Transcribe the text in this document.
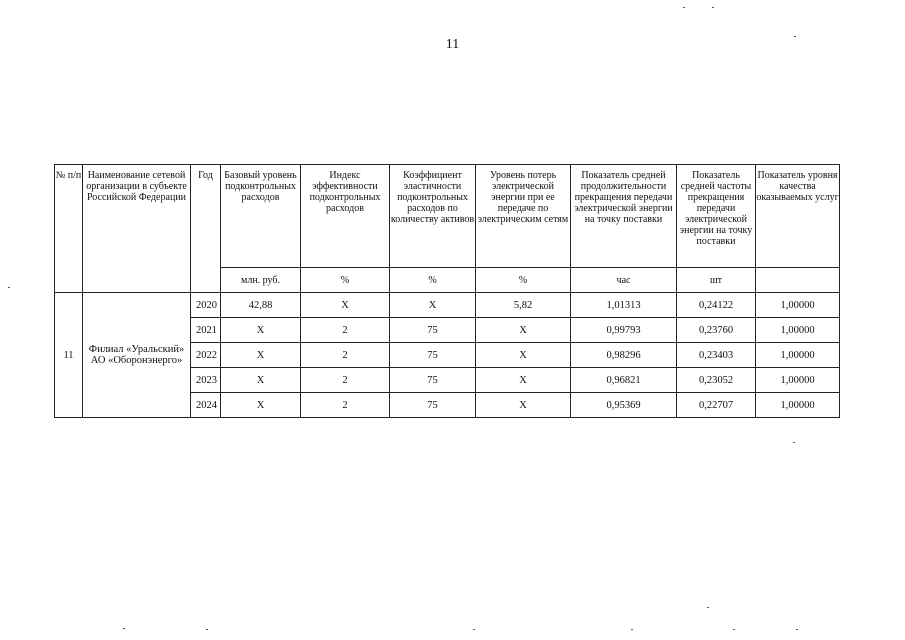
11
№ п/п	Наименование сетевой организации в субъекте Российской Федерации	Год	Базовый уровень подконтрольных расходов	Индекс эффективности подконтрольных расходов	Коэффициент эластичности подконтрольных расходов по количеству активов	Уровень потерь электрической энергии при ее передаче по электрическим сетям	Показатель средней продолжительности прекращения передачи электрической энергии на точку поставки	Показатель средней частоты прекращения передачи электрической энергии на точку поставки	Показатель уровня качества оказываемых услуг
			млн. руб.	%	%	%	час	шт	
11	Филиал «Уральский» АО «Оборонэнерго»	2020	42,88	X	X	5,82	1,01313	0,24122	1,00000
		2021	X	2	75	X	0,99793	0,23760	1,00000
		2022	X	2	75	X	0,98296	0,23403	1,00000
		2023	X	2	75	X	0,96821	0,23052	1,00000
		2024	X	2	75	X	0,95369	0,22707	1,00000
